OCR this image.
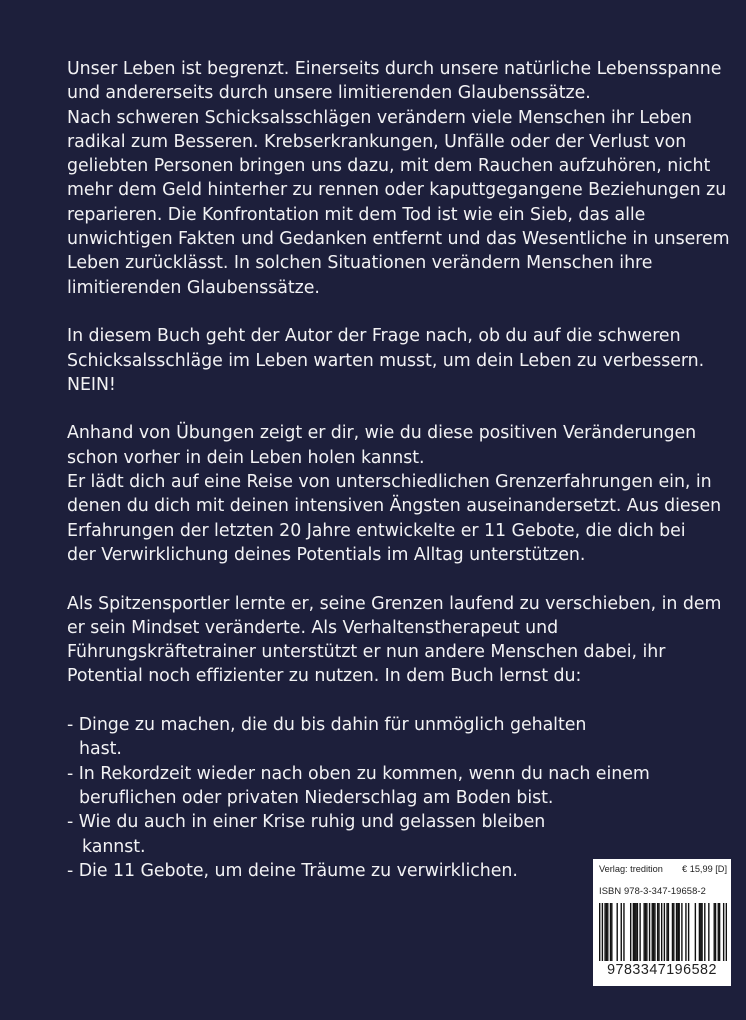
Unser Leben ist begrenzt. Einerseits durch unsere natürliche Lebensspanne
und andererseits durch unsere limitierenden Glaubenssätze.
Nach schweren Schicksalsschlägen verändern viele Menschen ihr Leben
radikal zum Besseren. Krebserkrankungen, Unfälle oder der Verlust von
geliebten Personen bringen uns dazu, mit dem Rauchen aufzuhören, nicht
mehr dem Geld hinterher zu rennen oder kaputtgegangene Beziehungen zu
reparieren. Die Konfrontation mit dem Tod ist wie ein Sieb, das alle
unwichtigen Fakten und Gedanken entfernt und das Wesentliche in unserem
Leben zurücklässt. In solchen Situationen verändern Menschen ihre
limitierenden Glaubenssätze.
In diesem Buch geht der Autor der Frage nach, ob du auf die schweren
Schicksalsschläge im Leben warten musst, um dein Leben zu verbessern.
NEIN!
Anhand von Übungen zeigt er dir, wie du diese positiven Veränderungen
schon vorher in dein Leben holen kannst.
Er lädt dich auf eine Reise von unterschiedlichen Grenzerfahrungen ein, in
denen du dich mit deinen intensiven Ängsten auseinandersetzt. Aus diesen
Erfahrungen der letzten 20 Jahre entwickelte er 11 Gebote, die dich bei
der Verwirklichung deines Potentials im Alltag unterstützen.
Als Spitzensportler lernte er, seine Grenzen laufend zu verschieben, in dem
er sein Mindset veränderte. Als Verhaltenstherapeut und
Führungskräftetrainer unterstützt er nun andere Menschen dabei, ihr
Potential noch effizienter zu nutzen. In dem Buch lernst du:
- Dinge zu machen, die du bis dahin für unmöglich gehalten
hast.
- In Rekordzeit wieder nach oben zu kommen, wenn du nach einem
beruflichen oder privaten Niederschlag am Boden bist.
- Wie du auch in einer Krise ruhig und gelassen bleiben
kannst.
- Die 11 Gebote, um deine Träume zu verwirklichen.	Verlag: tredition € 15,99 [D]
ISBN 978-3-347-19658-2
9783347196582
